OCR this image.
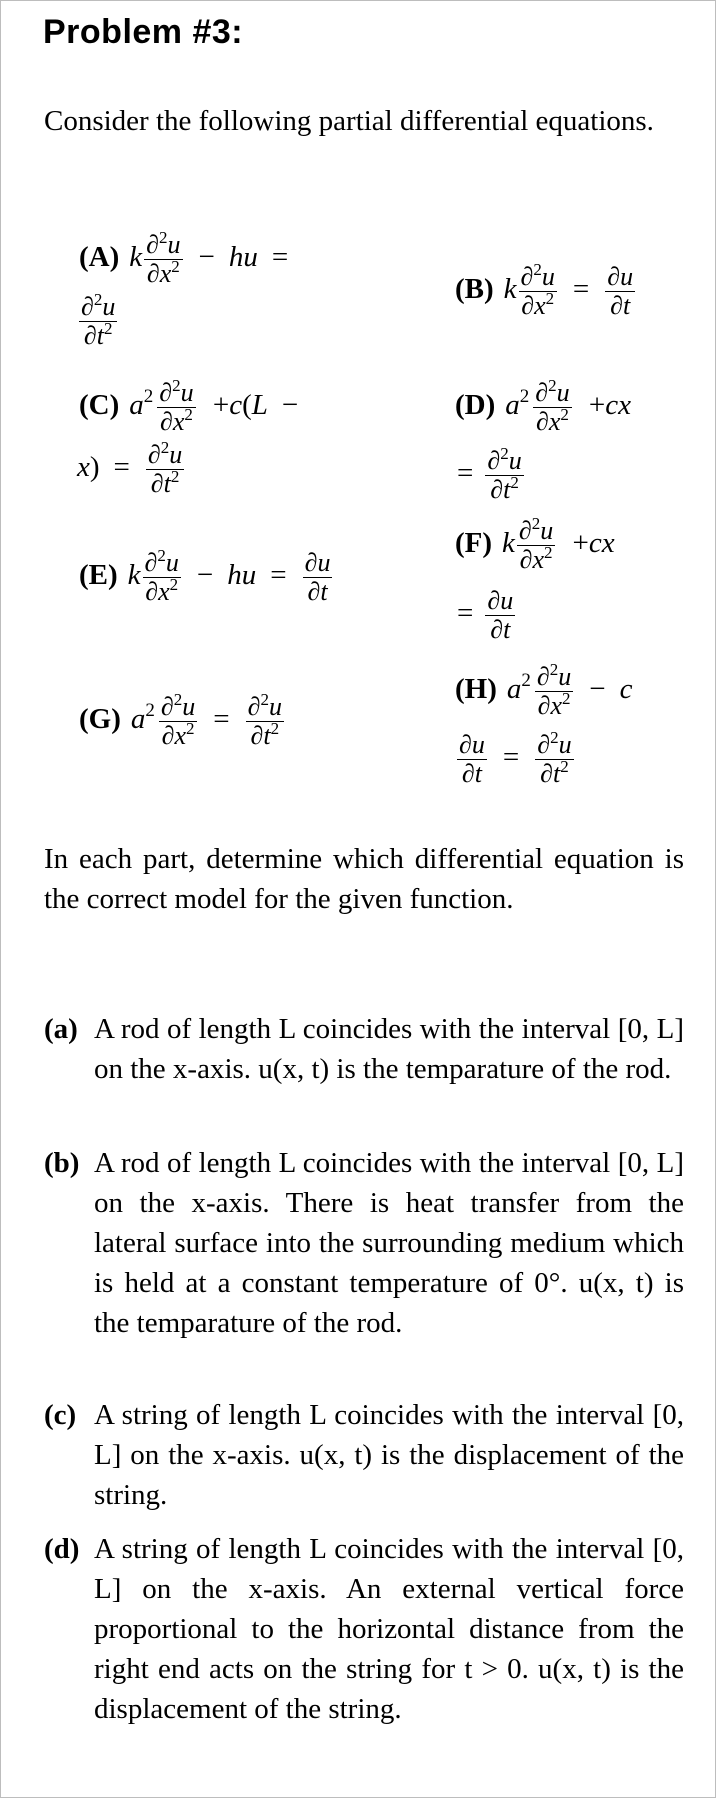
Problem #3:
Consider the following partial differential equations.
(A) k $\frac{\partial^2u}{\partial x^2}$ − hu =
$\frac{\partial^2u}{\partial t^2}$
(B) k $\frac{\partial^2u}{\partial x^2} = \frac{\partial u}{\partial t}$
(C) $a^2 \frac{\partial^2u}{\partial x^2} +c(L$ −
$x) = \frac{\partial^2u}{\partial t^2}$
(D) $a^2 \frac{\partial^2u}{\partial x^2} +cx$
= $\frac{\partial^2u}{\partial t^2}$
(E) k $\frac{\partial^2u}{\partial x^2}$ − hu = $\frac{\partial u}{\partial t}$
(F) k $\frac{\partial^2u}{\partial x^2} +cx$
= $\frac{\partial u}{\partial t}$
(G) $a^2 \frac{\partial^2u}{\partial x^2} = \frac{\partial^2u}{\partial t^2}$
(H) $a^2 \frac{\partial^2u}{\partial x^2} - c$
$\frac{\partial u}{\partial t} = \frac{\partial^2u}{\partial t^2}$
In each part, determine which differential equation is the correct model for the given function.
(a) A rod of length L coincides with the interval [0, L] on the x-axis. u(x, t) is the temparature of the rod.
(b) A rod of length L coincides with the interval [0, L] on the x-axis. There is heat transfer from the lateral surface into the surrounding medium which is held at a constant temperature of 0°. u(x, t) is the temparature of the rod.
(c) A string of length L coincides with the interval [0, L] on the x-axis. u(x, t) is the displacement of the string.
(d) A string of length L coincides with the interval [0, L] on the x-axis. An external vertical force proportional to the horizontal distance from the right end acts on the string for t > 0. u(x, t) is the displacement of the string.
